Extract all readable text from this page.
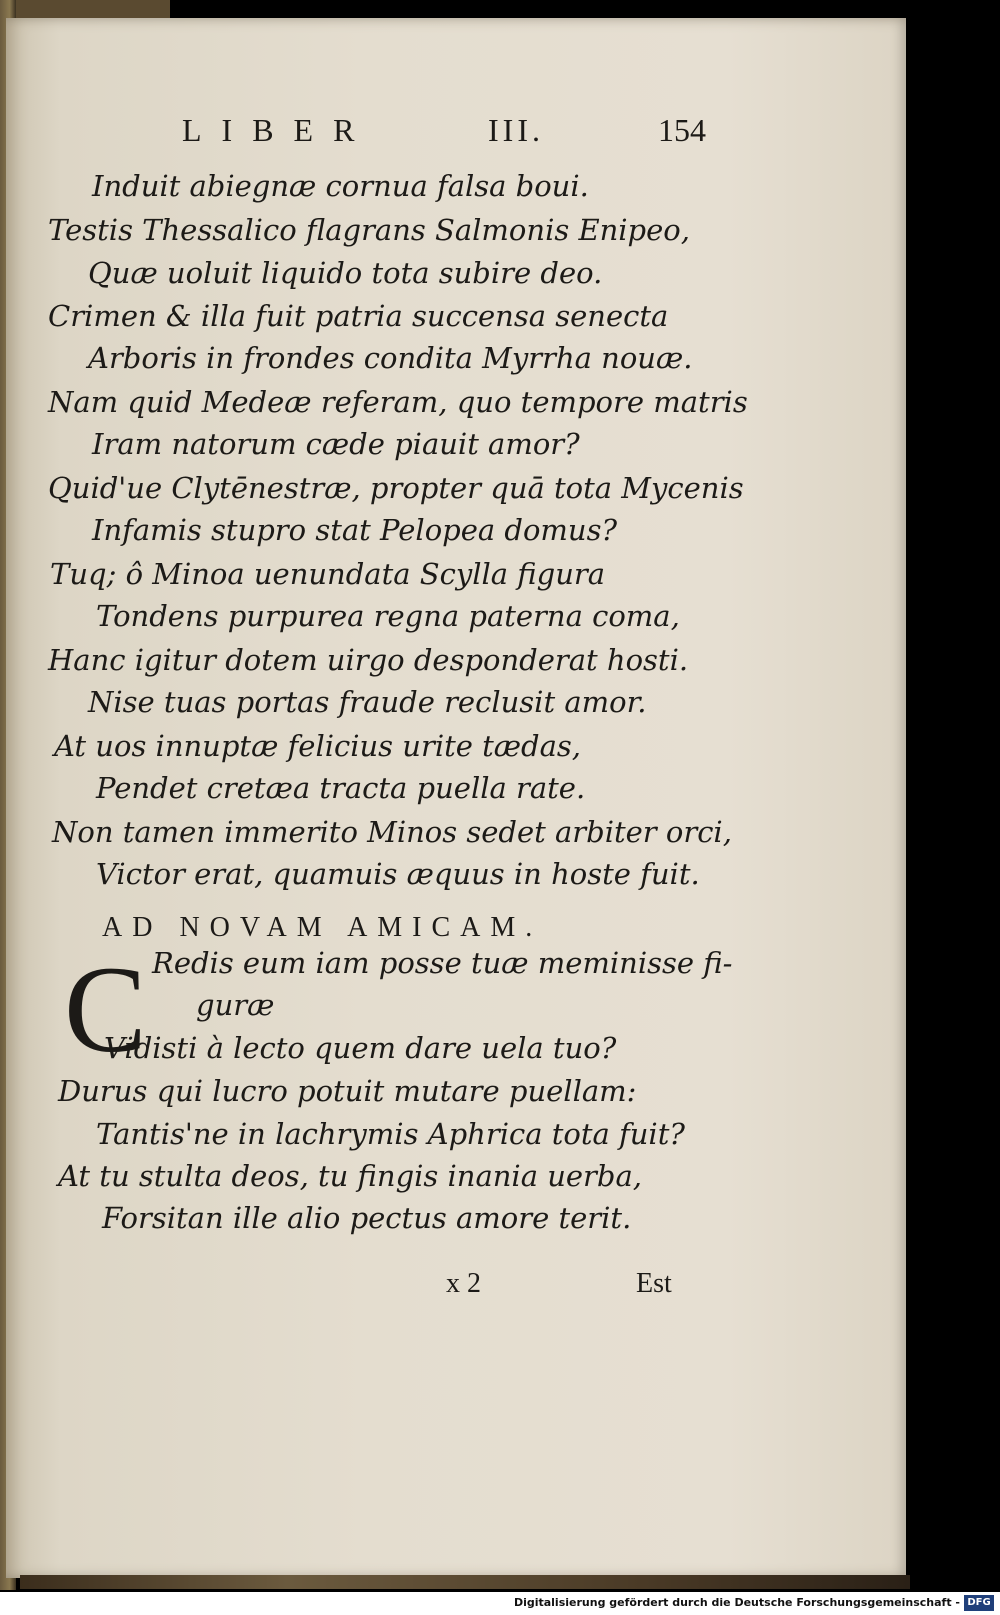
LIBER	III.	154
Induit abiegnæ cornua falsa boui.
Testis Thessalico flagrans Salmonis Enipeo,
Quæ uoluit liquido tota subire deo.
Crimen & illa fuit patria succensa senecta
Arboris in frondes condita Myrrha nouæ.
Nam quid Medeæ referam, quo tempore matris
Iram natorum cæde piauit amor?
Quid'ue Clytēnestræ, propter quā tota Mycenis
Infamis stupro stat Pelopea domus?
Tuq; ô Minoa uenundata Scylla figura
Tondens purpurea regna paterna coma,
Hanc igitur dotem uirgo desponderat hosti.
Nise tuas portas fraude reclusit amor.
At uos innuptæ felicius urite tædas,
Pendet cretæa tracta puella rate.
Non tamen immerito Minos sedet arbiter orci,
Victor erat, quamuis æquus in hoste fuit.
AD NOVAM AMICAM.
C Redis eum iam posse tuæ meminisse fi-
guræ
Vidisti à lecto quem dare uela tuo?
Durus qui lucro potuit mutare puellam:
Tantis'ne in lachrymis Aphrica tota fuit?
At tu stulta deos, tu fingis inania uerba,
Forsitan ille alio pectus amore terit.
x 2	Est
Digitalisierung gefördert durch die Deutsche Forschungsgemeinschaft - DFG
